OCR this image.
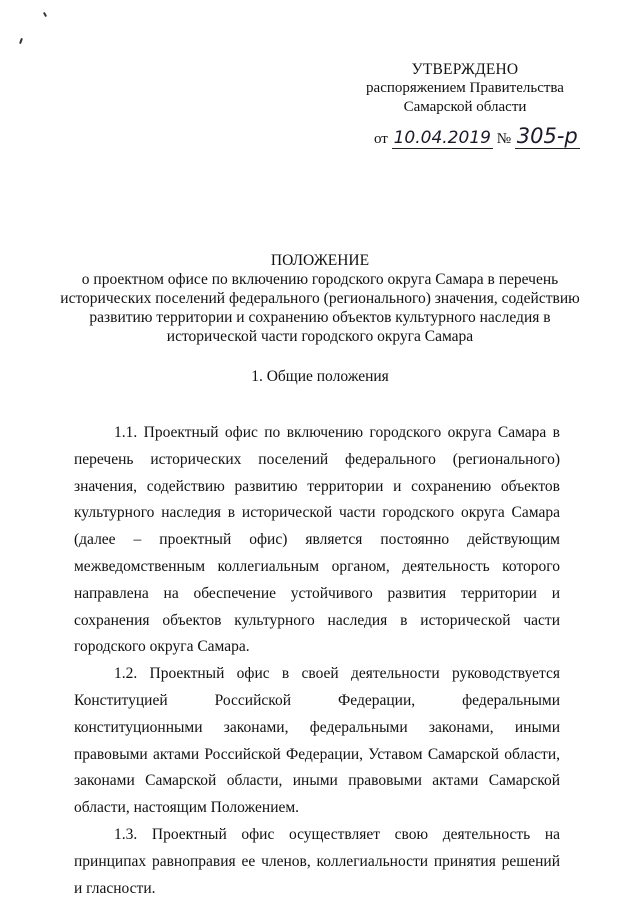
УТВЕРЖДЕНО
распоряжением Правительства
Самарской области
от 10.04.2019 № 305-р
ПОЛОЖЕНИЕ
о проектном офисе по включению городского округа Самара в перечень исторических поселений федерального (регионального) значения, содействию развитию территории и сохранению объектов культурного наследия в исторической части городского округа Самара
1. Общие положения

1.1. Проектный офис по включению городского округа Самара в перечень исторических поселений федерального (регионального) значения, содействию развитию территории и сохранению объектов культурного наследия в исторической части городского округа Самара (далее – проектный офис) является постоянно действующим межведомственным коллегиальным органом, деятельность которого направлена на обеспечение устойчивого развития территории и сохранения объектов культурного наследия в исторической части городского округа Самара.

1.2. Проектный офис в своей деятельности руководствуется Конституцией Российской Федерации, федеральными конституционными законами, федеральными законами, иными правовыми актами Российской Федерации, Уставом Самарской области, законами Самарской области, иными правовыми актами Самарской области, настоящим Положением.

1.3. Проектный офис осуществляет свою деятельность на принципах равноправия ее членов, коллегиальности принятия решений и гласности.
